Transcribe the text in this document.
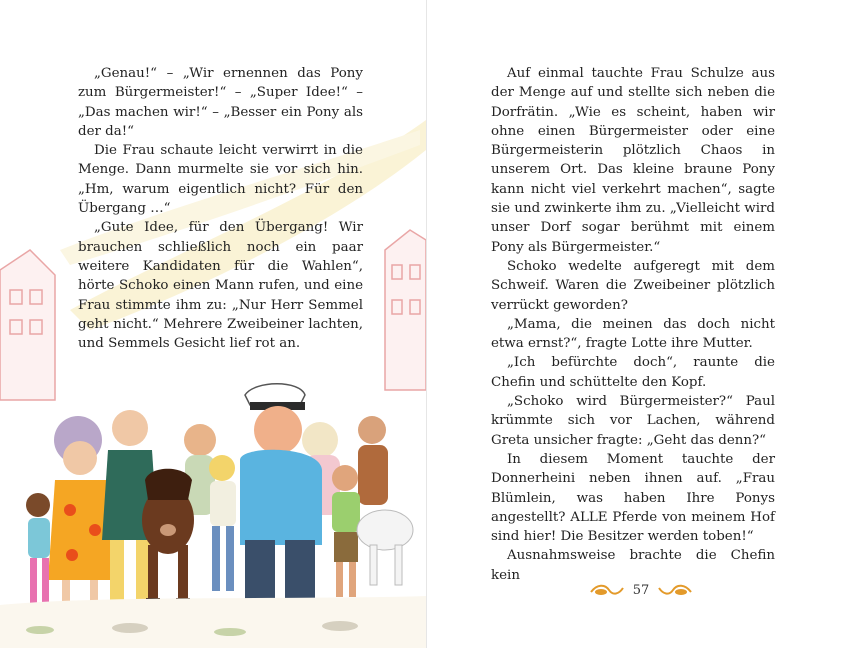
„Genau!“ – „Wir ernennen das Pony zum Bürgermeister!“ – „Super Idee!“ – „Das machen wir!“ – „Besser ein Pony als der da!“

Die Frau schaute leicht verwirrt in die Menge. Dann murmelte sie vor sich hin. „Hm, warum eigentlich nicht? Für den Übergang …“

„Gute Idee, für den Übergang! Wir brauchen schließlich noch ein paar weitere Kandidaten für die Wahlen“, hörte Schoko einen Mann rufen, und eine Frau stimmte ihm zu: „Nur Herr Semmel geht nicht.“ Mehrere Zweibeiner lachten, und Semmels Gesicht lief rot an.

Auf einmal tauchte Frau Schulze aus der Menge auf und stellte sich neben die Dorfrätin. „Wie es scheint, haben wir ohne einen Bürgermeister oder eine Bürgermeisterin plötzlich Chaos in unserem Ort. Das kleine braune Pony kann nicht viel verkehrt machen“, sagte sie und zwinkerte ihm zu. „Vielleicht wird unser Dorf sogar berühmt mit einem Pony als Bürgermeister.“

Schoko wedelte aufgeregt mit dem Schweif. Waren die Zweibeiner plötzlich verrückt geworden?

„Mama, die meinen das doch nicht etwa ernst?“, fragte Lotte ihre Mutter.

„Ich befürchte doch“, raunte die Chefin und schüttelte den Kopf.

„Schoko wird Bürgermeister?“ Paul krümmte sich vor Lachen, während Greta unsicher fragte: „Geht das denn?“

In diesem Moment tauchte der Donnerheini neben ihnen auf. „Frau Blümlein, was haben Ihre Ponys angestellt? ALLE Pferde von meinem Hof sind hier! Die Besitzer werden toben!“

Ausnahmsweise brachte die Chefin kein

57
